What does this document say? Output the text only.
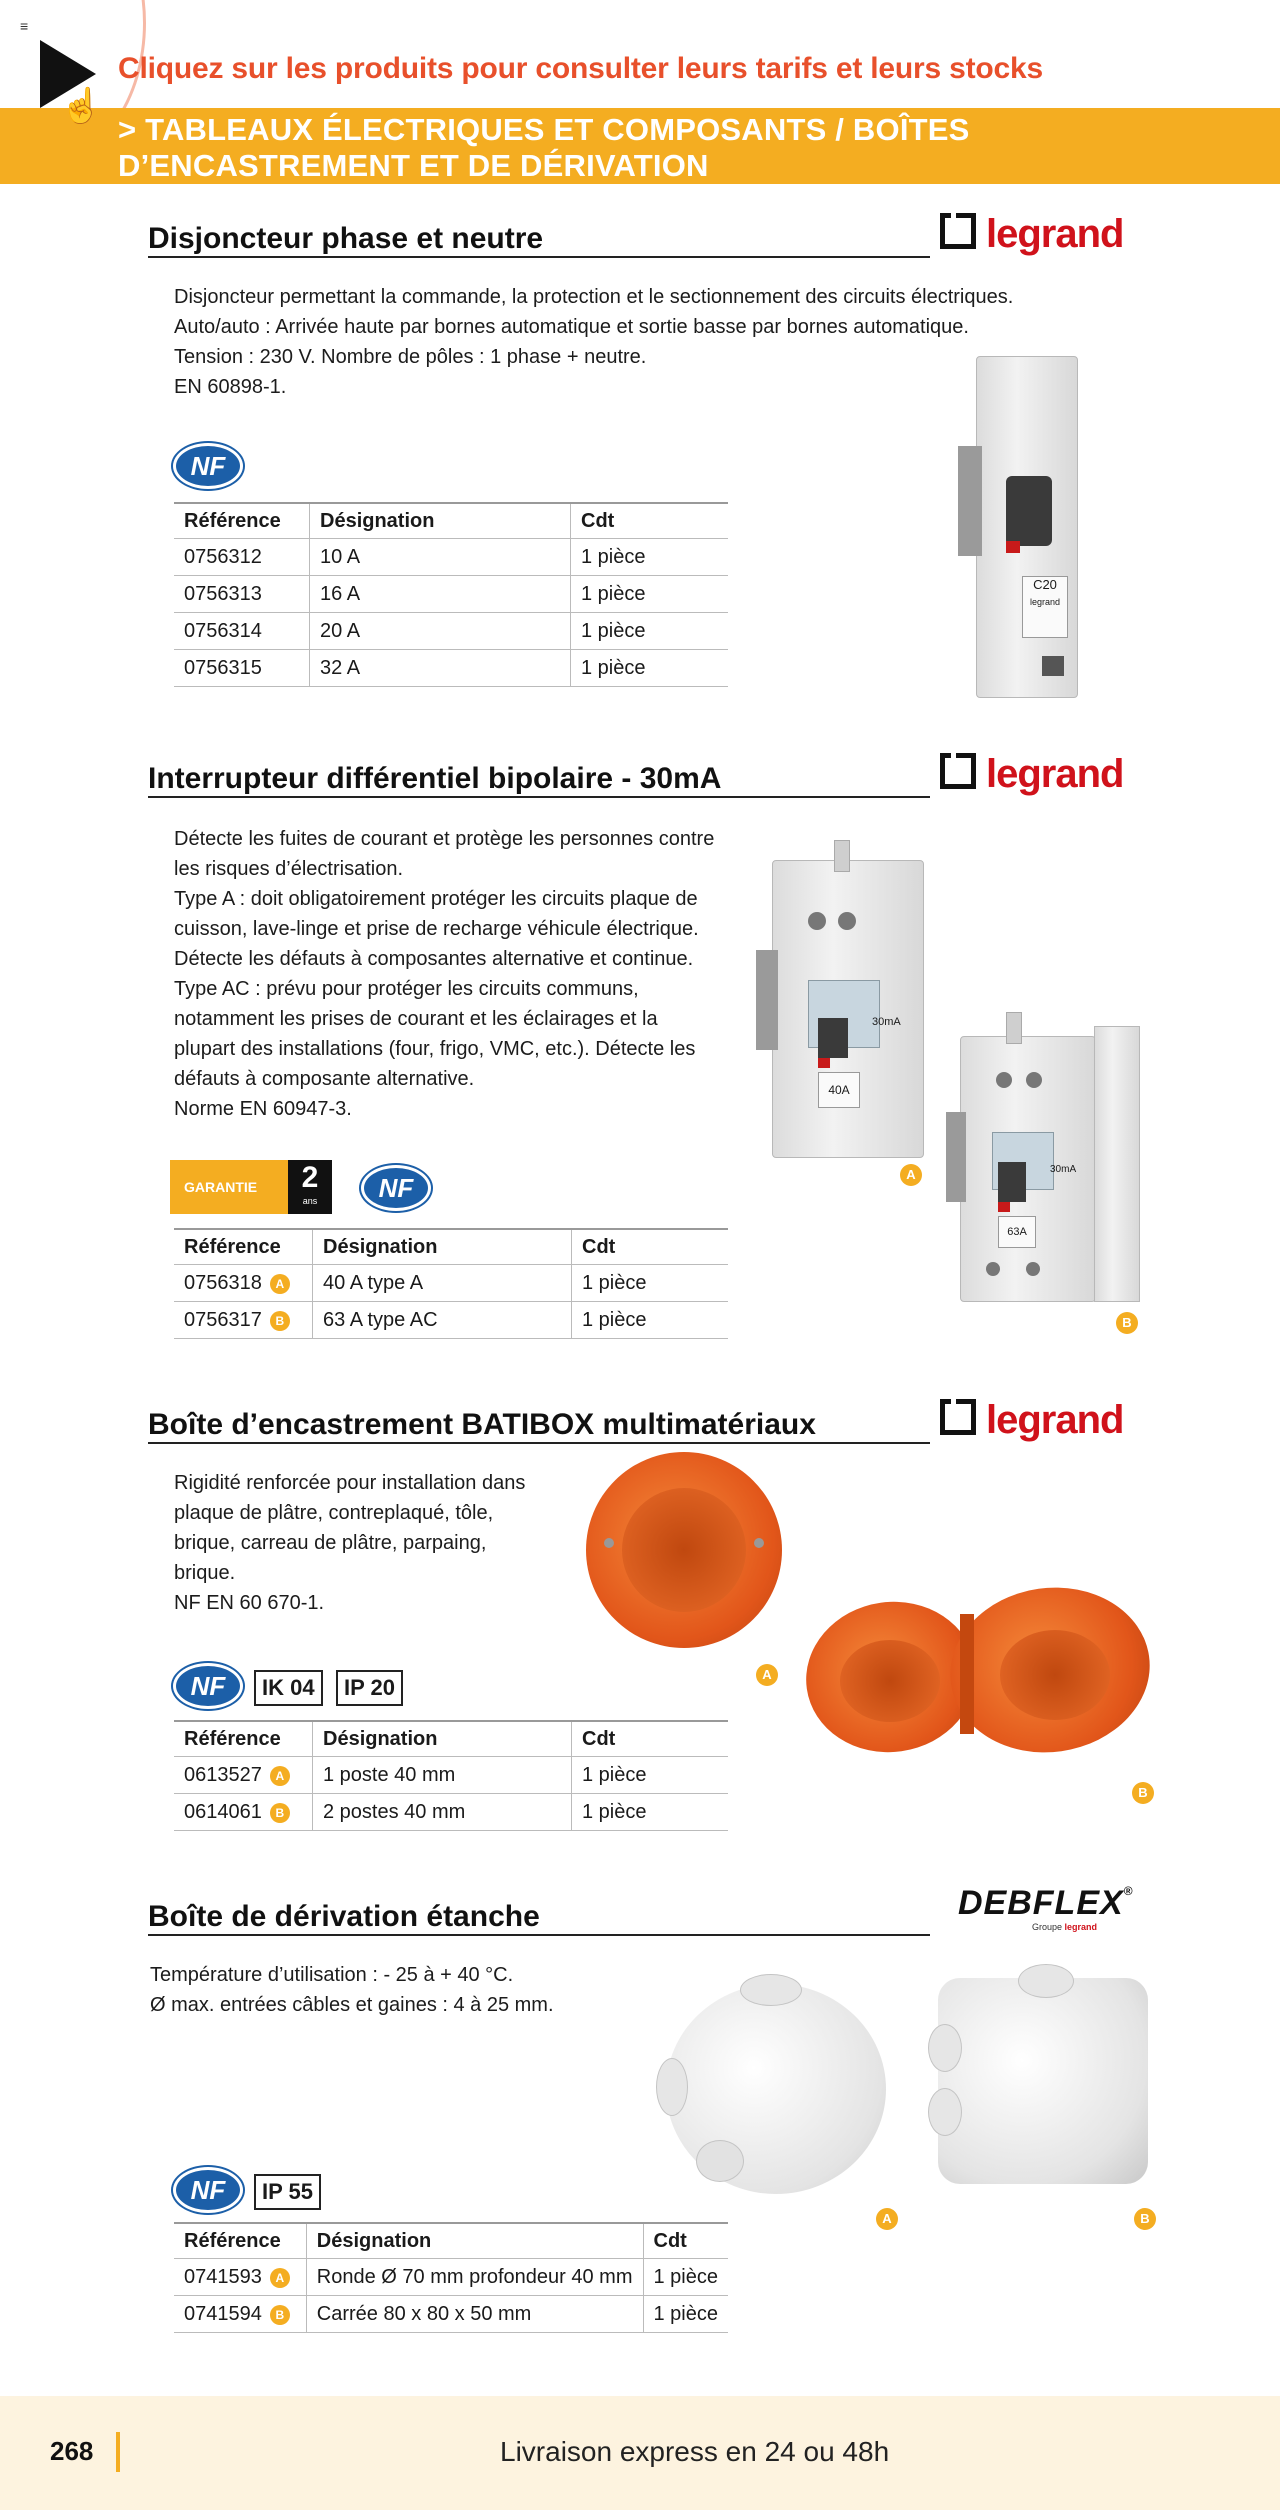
≡
> TABLEAUX ÉLECTRIQUES ET COMPOSANTS / BOÎTES
D’ENCASTREMENT ET DE DÉRIVATION
☝
Cliquez sur les produits pour consulter leurs tarifs et leurs stocks
Disjoncteur phase et neutre	legrand
Disjoncteur permettant la commande, la protection et le sectionnement des circuits électriques.
Auto/auto : Arrivée haute par bornes automatique et sortie basse par bornes automatique.
Tension : 230 V. Nombre de pôles : 1 phase + neutre.
EN 60898-1.
NF
Référence	Désignation	Cdt
0756312	10 A	1 pièce
0756313	16 A	1 pièce
0756314	20 A	1 pièce
0756315	32 A	1 pièce
C20
legrand
Interrupteur différentiel bipolaire - 30mA	legrand
Détecte les fuites de courant et protège les personnes contre
les risques d’électrisation.
Type A : doit obligatoirement protéger les circuits plaque de
cuisson, lave-linge et prise de recharge véhicule électrique.
Détecte les défauts à composantes alternative et continue.
Type AC : prévu pour protéger les circuits communs,
notamment les prises de courant et les éclairages et la
plupart des installations (four, frigo, VMC, etc.). Détecte les
défauts à composante alternative.
Norme EN 60947-3.
GARANTIE	2
ans	NF
Référence	Désignation	Cdt
0756318 A	40 A type A	1 pièce
0756317 B	63 A type AC	1 pièce
40A
30mA
A
63A
30mA
B
Boîte d’encastrement BATIBOX multimatériaux	legrand
Rigidité renforcée pour installation dans
plaque de plâtre, contreplaqué, tôle,
brique, carreau de plâtre, parpaing,
brique.
NF EN 60 670-1.
NF	IK 04	IP 20
Référence	Désignation	Cdt
0613527 A	1 poste 40 mm	1 pièce
0614061 B	2 postes 40 mm	1 pièce
A
B
Boîte de dérivation étanche	DEBFLEX®
Groupe legrand
Température d’utilisation : - 25 à + 40 °C.
Ø max. entrées câbles et gaines : 4 à 25 mm.
A	B
NF	IP 55
Référence	Désignation	Cdt
0741593 A	Ronde Ø 70 mm profondeur 40 mm	1 pièce
0741594 B	Carrée 80 x 80 x 50 mm	1 pièce
268	Livraison express en 24 ou 48h
